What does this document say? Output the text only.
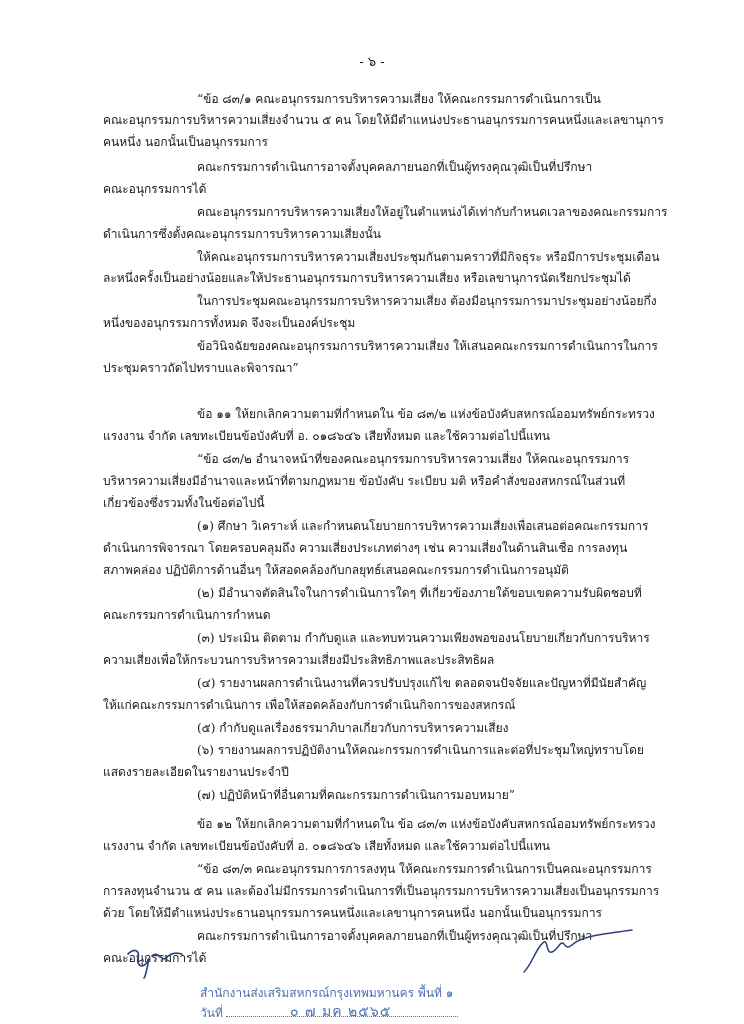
- ๖ -
“ข้อ ๘๓/๑ คณะอนุกรรมการบริหารความเสี่ยง ให้คณะกรรมการดำเนินการเป็น
คณะอนุกรรมการบริหารความเสี่ยงจำนวน ๕ คน โดยให้มีตำแหน่งประธานอนุกรรมการคนหนึ่งและเลขานุการ
คนหนึ่ง นอกนั้นเป็นอนุกรรมการ
คณะกรรมการดำเนินการอาจตั้งบุคคลภายนอกที่เป็นผู้ทรงคุณวุฒิเป็นที่ปรึกษา
คณะอนุกรรมการได้
คณะอนุกรรมการบริหารความเสี่ยงให้อยู่ในตำแหน่งได้เท่ากับกำหนดเวลาของคณะกรรมการ
ดำเนินการซึ่งตั้งคณะอนุกรรมการบริหารความเสี่ยงนั้น
ให้คณะอนุกรรมการบริหารความเสี่ยงประชุมกันตามคราวที่มีกิจธุระ หรือมีการประชุมเดือน
ละหนึ่งครั้งเป็นอย่างน้อยและให้ประธานอนุกรรมการบริหารความเสี่ยง หรือเลขานุการนัดเรียกประชุมได้
ในการประชุมคณะอนุกรรมการบริหารความเสี่ยง ต้องมีอนุกรรมการมาประชุมอย่างน้อยกึ่ง
หนึ่งของอนุกรรมการทั้งหมด จึงจะเป็นองค์ประชุม
ข้อวินิจฉัยของคณะอนุกรรมการบริหารความเสี่ยง ให้เสนอคณะกรรมการดำเนินการในการ
ประชุมคราวถัดไปทราบและพิจารณา”
ข้อ ๑๑ ให้ยกเลิกความตามที่กำหนดใน ข้อ ๘๓/๒ แห่งข้อบังคับสหกรณ์ออมทรัพย์กระทรวง
แรงงาน จำกัด เลขทะเบียนข้อบังคับที่ อ. ๐๑๘๖๔๖ เสียทั้งหมด และใช้ความต่อไปนี้แทน
“ข้อ ๘๓/๒ อำนาจหน้าที่ของคณะอนุกรรมการบริหารความเสี่ยง ให้คณะอนุกรรมการ
บริหารความเสี่ยงมีอำนาจและหน้าที่ตามกฎหมาย ข้อบังคับ ระเบียบ มติ หรือคำสั่งของสหกรณ์ในส่วนที่
เกี่ยวข้องซึ่งรวมทั้งในข้อต่อไปนี้
(๑) ศึกษา วิเคราะห์ และกำหนดนโยบายการบริหารความเสี่ยงเพื่อเสนอต่อคณะกรรมการ
ดำเนินการพิจารณา โดยครอบคลุมถึง ความเสี่ยงประเภทต่างๆ เช่น ความเสี่ยงในด้านสินเชื่อ การลงทุน
สภาพคล่อง ปฏิบัติการด้านอื่นๆ ให้สอดคล้องกับกลยุทธ์เสนอคณะกรรมการดำเนินการอนุมัติ
(๒) มีอำนาจตัดสินใจในการดำเนินการใดๆ ที่เกี่ยวข้องภายใต้ขอบเขตความรับผิดชอบที่
คณะกรรมการดำเนินการกำหนด
(๓) ประเมิน ติดตาม กำกับดูแล และทบทวนความเพียงพอของนโยบายเกี่ยวกับการบริหาร
ความเสี่ยงเพื่อให้กระบวนการบริหารความเสี่ยงมีประสิทธิภาพและประสิทธิผล
(๔) รายงานผลการดำเนินงานที่ควรปรับปรุงแก้ไข ตลอดจนปัจจัยและปัญหาที่มีนัยสำคัญ
ให้แก่คณะกรรมการดำเนินการ เพื่อให้สอดคล้องกับการดำเนินกิจการของสหกรณ์
(๕) กำกับดูแลเรื่องธรรมาภิบาลเกี่ยวกับการบริหารความเสี่ยง
(๖) รายงานผลการปฏิบัติงานให้คณะกรรมการดำเนินการและต่อที่ประชุมใหญ่ทราบโดย
แสดงรายละเอียดในรายงานประจำปี
(๗) ปฏิบัติหน้าที่อื่นตามที่คณะกรรมการดำเนินการมอบหมาย”
ข้อ ๑๒ ให้ยกเลิกความตามที่กำหนดใน ข้อ ๘๓/๓ แห่งข้อบังคับสหกรณ์ออมทรัพย์กระทรวง
แรงงาน จำกัด เลขทะเบียนข้อบังคับที่ อ. ๐๑๘๖๔๖ เสียทั้งหมด และใช้ความต่อไปนี้แทน
“ข้อ ๘๓/๓ คณะอนุกรรมการการลงทุน ให้คณะกรรมการดำเนินการเป็นคณะอนุกรรมการ
การลงทุนจำนวน ๕ คน และต้องไม่มีกรรมการดำเนินการที่เป็นอนุกรรมการบริหารความเสี่ยงเป็นอนุกรรมการ
ด้วย โดยให้มีตำแหน่งประธานอนุกรรมการคนหนึ่งและเลขานุการคนหนึ่ง นอกนั้นเป็นอนุกรรมการ
คณะกรรมการดำเนินการอาจตั้งบุคคลภายนอกที่เป็นผู้ทรงคุณวุฒิเป็นที่ปรึกษา
คณะอนุกรรมการได้
สำนักงานส่งเสริมสหกรณ์กรุงเทพมหานคร พื้นที่ ๑
วันที่	๐ ๗ มค ๒๕๖๕
